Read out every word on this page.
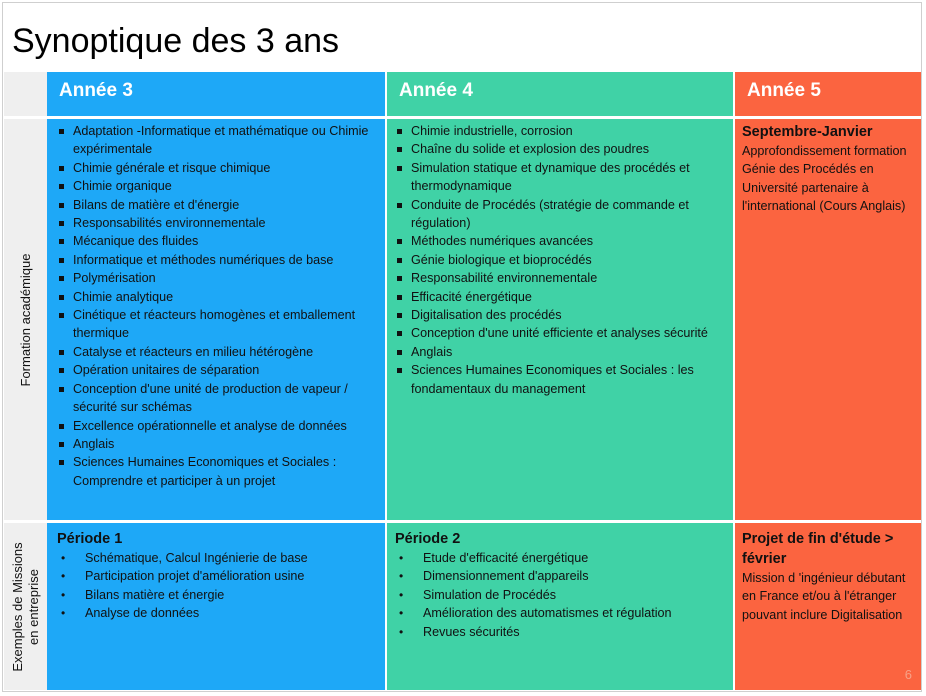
Synoptique des 3 ans
Année 3	Année 4	Année 5
Formation académique
Adaptation -Informatique et mathématique ou Chimie expérimentale
Chimie générale et risque chimique
Chimie organique
Bilans de matière et d'énergie
Responsabilités environnementale
Mécanique des fluides
Informatique et méthodes numériques de base
Polymérisation
Chimie analytique
Cinétique et réacteurs homogènes et emballement thermique
Catalyse et réacteurs en milieu hétérogène
Opération unitaires de séparation
Conception d'une unité de production de vapeur / sécurité sur schémas
Excellence opérationnelle et analyse de données
Anglais
Sciences Humaines Economiques et Sociales : Comprendre et participer à un projet
Chimie industrielle, corrosion
Chaîne du solide et explosion des poudres
Simulation statique et dynamique des procédés et thermodynamique
Conduite de Procédés (stratégie de commande et régulation)
Méthodes numériques avancées
Génie biologique et bioprocédés
Responsabilité environnementale
Efficacité énergétique
Digitalisation des procédés
Conception d'une unité efficiente et analyses sécurité
Anglais
Sciences Humaines Economiques et Sociales : les fondamentaux du management
Septembre-Janvier
Approfondissement formation Génie des Procédés en Université partenaire à l'international (Cours Anglais)
Exemples de Missions en entreprise
Période 1
• Schématique, Calcul Ingénierie de base
• Participation projet d'amélioration usine
• Bilans matière et énergie
• Analyse de données
Période 2
• Etude d'efficacité énergétique
• Dimensionnement d'appareils
• Simulation de Procédés
• Amélioration des automatismes et régulation
• Revues sécurités
Projet de fin d'étude > février
Mission d 'ingénieur débutant en France et/ou à l'étranger pouvant inclure Digitalisation
6
